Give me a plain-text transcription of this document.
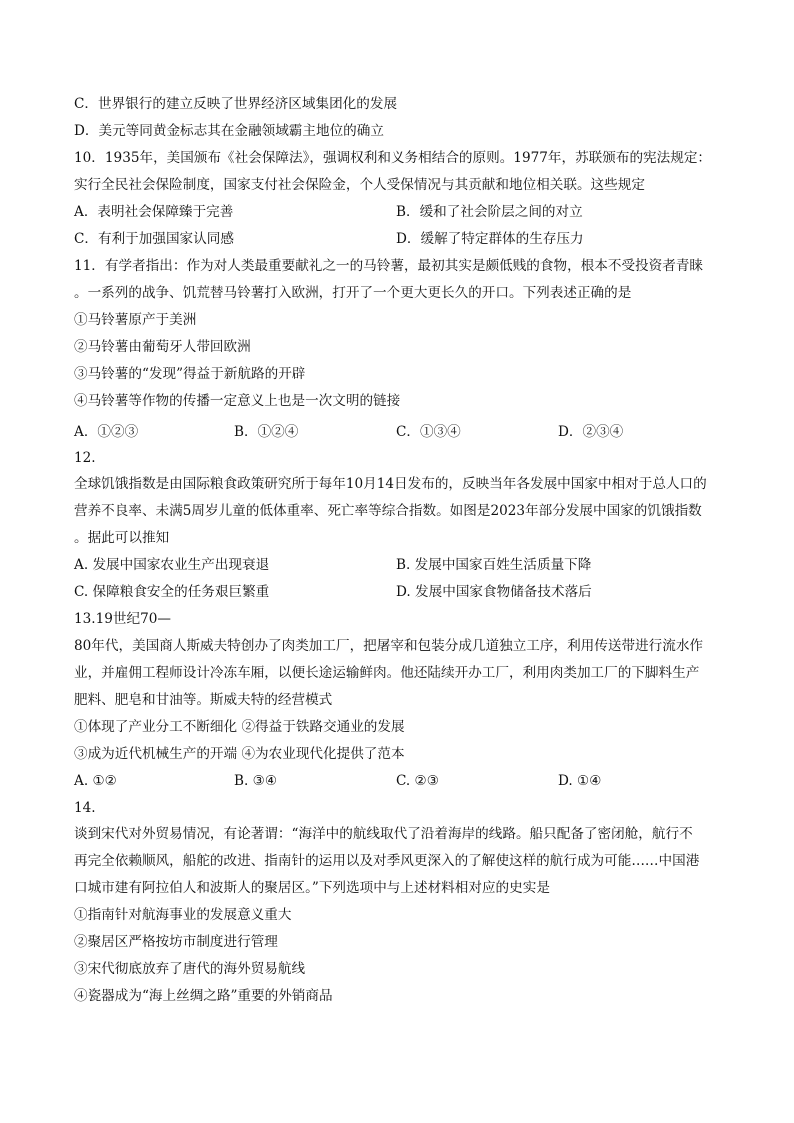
C．世界银行的建立反映了世界经济区域集团化的发展
D．美元等同黄金标志其在金融领域霸主地位的确立
10．1935年，美国颁布《社会保障法》，强调权利和义务相结合的原则。1977年，苏联颁布的宪法规定：
实行全民社会保险制度，国家支付社会保险金，个人受保情况与其贡献和地位相关联。这些规定
A．表明社会保障臻于完善	B．缓和了社会阶层之间的对立
C．有利于加强国家认同感	D．缓解了特定群体的生存压力
11．有学者指出：作为对人类最重要献礼之一的马铃薯，最初其实是颇低贱的食物，根本不受投资者青睐
。一系列的战争、饥荒替马铃薯打入欧洲，打开了一个更大更长久的开口。下列表述正确的是
①马铃薯原产于美洲
②马铃薯由葡萄牙人带回欧洲
③马铃薯的“发现”得益于新航路的开辟
④马铃薯等作物的传播一定意义上也是一次文明的链接
A．①②③	B．①②④	C．①③④	D．②③④
12.
全球饥饿指数是由国际粮食政策研究所于每年10月14日发布的，反映当年各发展中国家中相对于总人口的
营养不良率、未满5周岁儿童的低体重率、死亡率等综合指数。如图是2023年部分发展中国家的饥饿指数
。据此可以推知
A. 发展中国家农业生产出现衰退	B. 发展中国家百姓生活质量下降
C. 保障粮食安全的任务艰巨繁重	D. 发展中国家食物储备技术落后
13.19世纪70—
80年代，美国商人斯威夫特创办了肉类加工厂，把屠宰和包装分成几道独立工序，利用传送带进行流水作
业，并雇佣工程师设计冷冻车厢，以便长途运输鲜肉。他还陆续开办工厂，利用肉类加工厂的下脚料生产
肥料、肥皂和甘油等。斯威夫特的经营模式
①体现了产业分工不断细化 ②得益于铁路交通业的发展
③成为近代机械生产的开端 ④为农业现代化提供了范本
A. ①②	B. ③④	C. ②③	D. ①④
14.
谈到宋代对外贸易情况，有论著谓：“海洋中的航线取代了沿着海岸的线路。船只配备了密闭舱，航行不
再完全依赖顺风，船舵的改进、指南针的运用以及对季风更深入的了解使这样的航行成为可能……中国港
口城市建有阿拉伯人和波斯人的聚居区。”下列选项中与上述材料相对应的史实是
①指南针对航海事业的发展意义重大
②聚居区严格按坊市制度进行管理
③宋代彻底放弃了唐代的海外贸易航线
④瓷器成为“海上丝绸之路”重要的外销商品
